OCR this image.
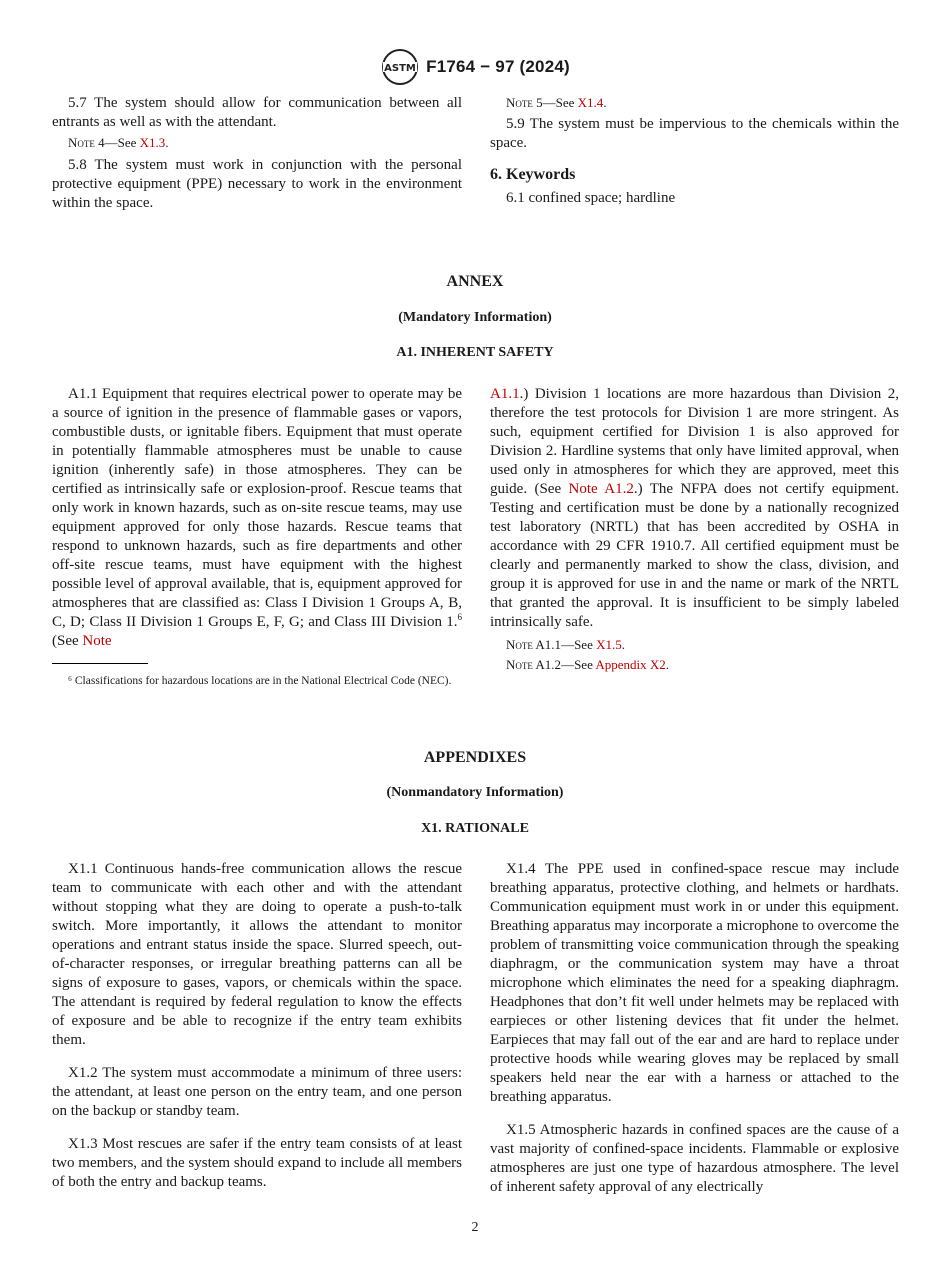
ASTM F1764 − 97 (2024)

5.7 The system should allow for communication between all entrants as well as with the attendant.

Note 4—See X1.3.

5.8 The system must work in conjunction with the personal protective equipment (PPE) necessary to work in the environment within the space.

Note 5—See X1.4.

5.9 The system must be impervious to the chemicals within the space.

6. Keywords

6.1 confined space; hardline

ANNEX
(Mandatory Information)
A1. INHERENT SAFETY

A1.1 Equipment that requires electrical power to operate may be a source of ignition in the presence of flammable gases or vapors, combustible dusts, or ignitable fibers. Equipment that must operate in potentially flammable atmospheres must be unable to cause ignition (inherently safe) in those atmospheres. They can be certified as intrinsically safe or explosion-proof. Rescue teams that only work in known hazards, such as on-site rescue teams, may use equipment approved for only those hazards. Rescue teams that respond to unknown hazards, such as fire departments and other off-site rescue teams, must have equipment with the highest possible level of approval available, that is, equipment approved for atmospheres that are classified as: Class I Division 1 Groups A, B, C, D; Class II Division 1 Groups E, F, G; and Class III Division 1.$^6$ (See Note

A1.1.) Division 1 locations are more hazardous than Division 2, therefore the test protocols for Division 1 are more stringent. As such, equipment certified for Division 1 is also approved for Division 2. Hardline systems that only have limited approval, when used only in atmospheres for which they are approved, meet this guide. (See Note A1.2.) The NFPA does not certify equipment. Testing and certification must be done by a nationally recognized test laboratory (NRTL) that has been accredited by OSHA in accordance with 29 CFR 1910.7. All certified equipment must be clearly and permanently marked to show the class, division, and group it is approved for use in and the name or mark of the NRTL that granted the approval. It is insufficient to be simply labeled intrinsically safe.

Note A1.1—See X1.5.

Note A1.2—See Appendix X2.

⁶ Classifications for hazardous locations are in the National Electrical Code (NEC).
APPENDIXES
(Nonmandatory Information)
X1. RATIONALE

X1.1 Continuous hands-free communication allows the rescue team to communicate with each other and with the attendant without stopping what they are doing to operate a push-to-talk switch. More importantly, it allows the attendant to monitor operations and entrant status inside the space. Slurred speech, out-of-character responses, or irregular breathing patterns can all be signs of exposure to gases, vapors, or chemicals within the space. The attendant is required by federal regulation to know the effects of exposure and be able to recognize if the entry team exhibits them.

X1.2 The system must accommodate a minimum of three users: the attendant, at least one person on the entry team, and one person on the backup or standby team.

X1.3 Most rescues are safer if the entry team consists of at least two members, and the system should expand to include all members of both the entry and backup teams.

X1.4 The PPE used in confined-space rescue may include breathing apparatus, protective clothing, and helmets or hardhats. Communication equipment must work in or under this equipment. Breathing apparatus may incorporate a microphone to overcome the problem of transmitting voice communication through the speaking diaphragm, or the communication system may have a throat microphone which eliminates the need for a speaking diaphragm. Headphones that don’t fit well under helmets may be replaced with earpieces or other listening devices that fit under the helmet. Earpieces that may fall out of the ear and are hard to replace under protective hoods while wearing gloves may be replaced by small speakers held near the ear with a harness or attached to the breathing apparatus.

X1.5 Atmospheric hazards in confined spaces are the cause of a vast majority of confined-space incidents. Flammable or explosive atmospheres are just one type of hazardous atmosphere. The level of inherent safety approval of any electrically

2
